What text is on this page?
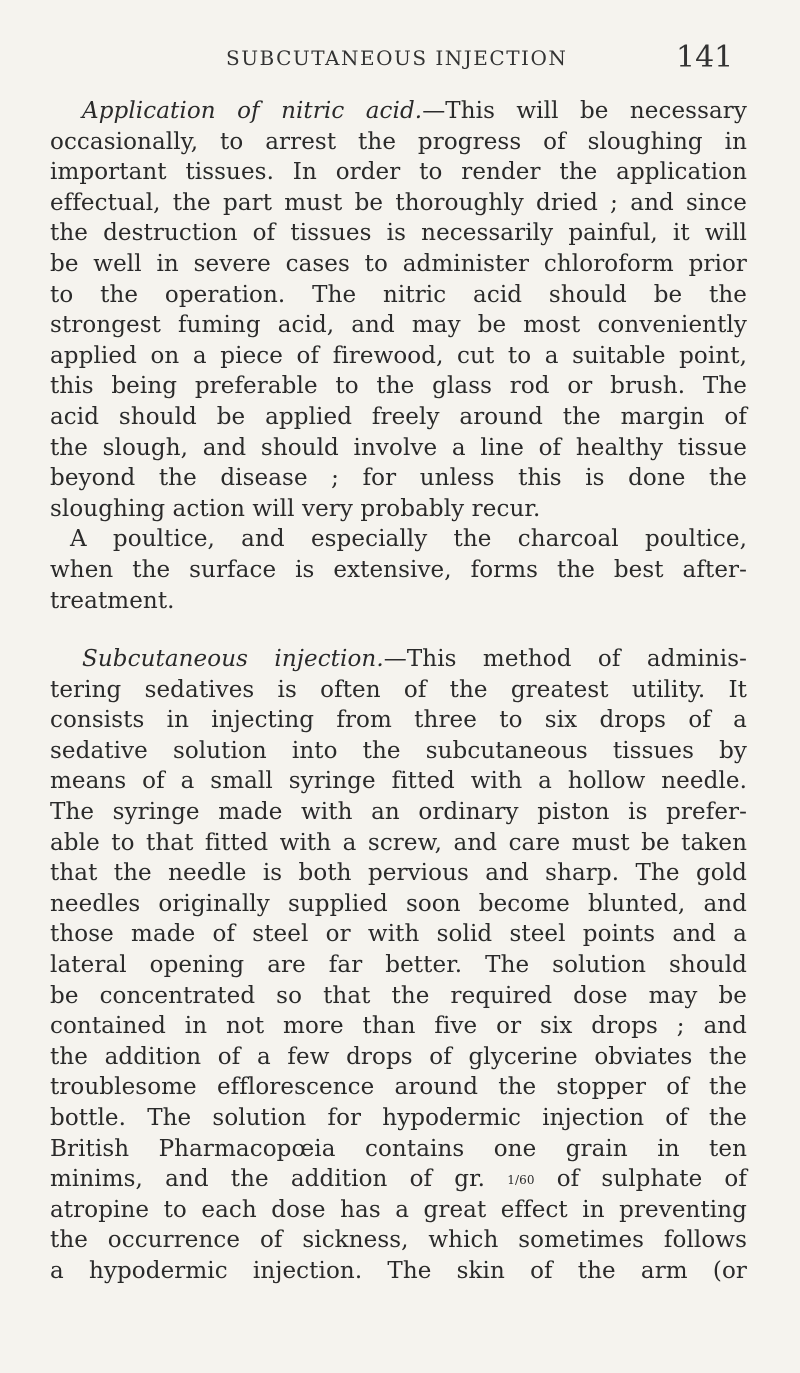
SUBCUTANEOUS INJECTION	141
Application of nitric acid.—This will be necessary
occasionally, to arrest the progress of sloughing in
important tissues. In order to render the application
effectual, the part must be thoroughly dried ; and since
the destruction of tissues is necessarily painful, it will
be well in severe cases to administer chloroform prior
to the operation. The nitric acid should be the
strongest fuming acid, and may be most conveniently
applied on a piece of firewood, cut to a suitable point,
this being preferable to the glass rod or brush. The
acid should be applied freely around the margin of
the slough, and should involve a line of healthy tissue
beyond the disease ; for unless this is done the
sloughing action will very probably recur.
A poultice, and especially the charcoal poultice,
when the surface is extensive, forms the best after-
treatment.
Subcutaneous injection.—This method of adminis-
tering sedatives is often of the greatest utility. It
consists in injecting from three to six drops of a
sedative solution into the subcutaneous tissues by
means of a small syringe fitted with a hollow needle.
The syringe made with an ordinary piston is prefer-
able to that fitted with a screw, and care must be taken
that the needle is both pervious and sharp. The gold
needles originally supplied soon become blunted, and
those made of steel or with solid steel points and a
lateral opening are far better. The solution should
be concentrated so that the required dose may be
contained in not more than five or six drops ; and
the addition of a few drops of glycerine obviates the
troublesome efflorescence around the stopper of the
bottle. The solution for hypodermic injection of the
British Pharmacopœia contains one grain in ten
minims, and the addition of gr. 1/60 of sulphate of
atropine to each dose has a great effect in preventing
the occurrence of sickness, which sometimes follows
a hypodermic injection. The skin of the arm (or
